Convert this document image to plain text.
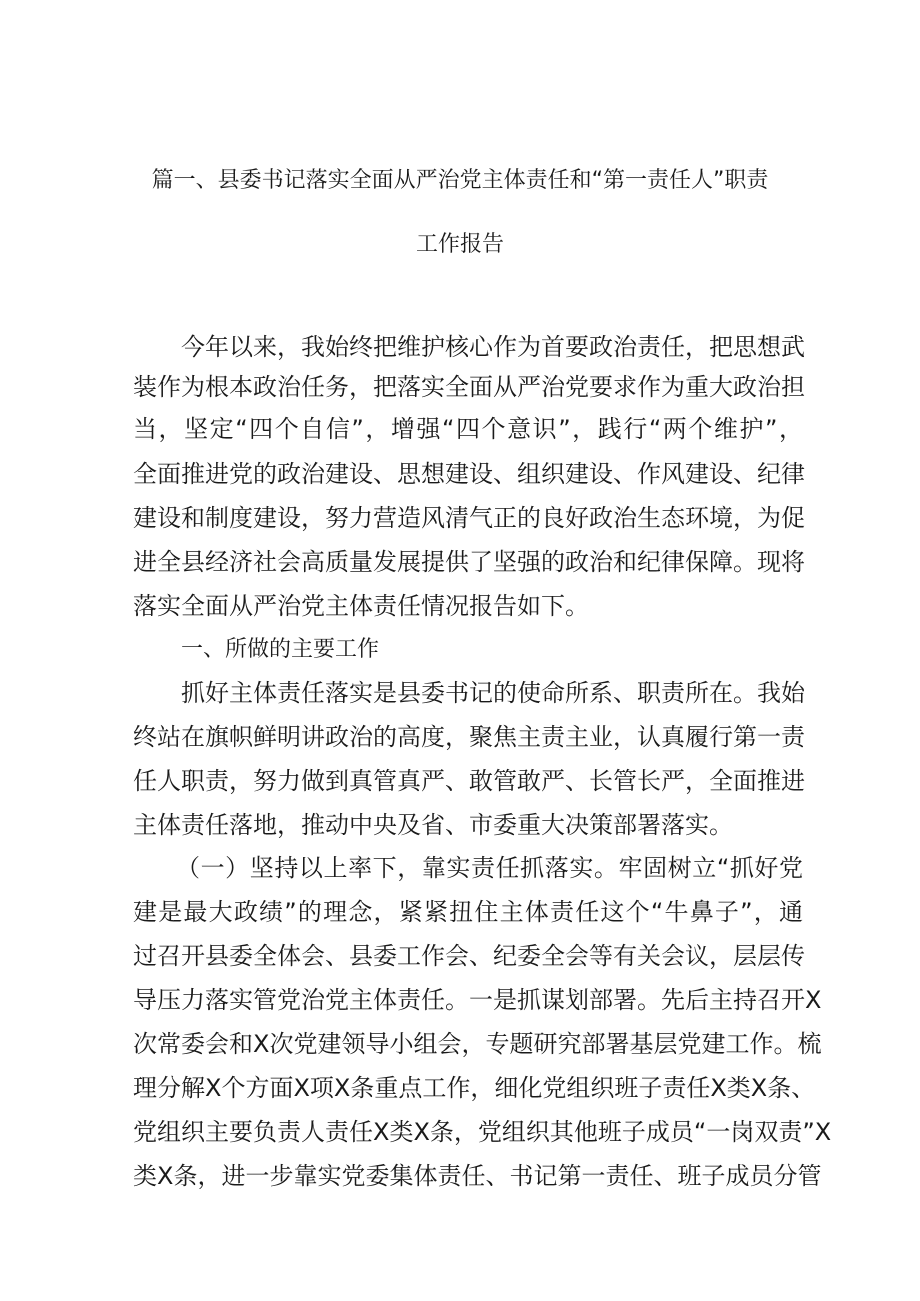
篇一、县委书记落实全面从严治党主体责任和“第一责任人”职责
工作报告
今年以来，我始终把维护核心作为首要政治责任，把思想武
装作为根本政治任务，把落实全面从严治党要求作为重大政治担
当，坚定“四个自信”，增强“四个意识”，践行“两个维护”，
全面推进党的政治建设、思想建设、组织建设、作风建设、纪律
建设和制度建设，努力营造风清气正的良好政治生态环境，为促
进全县经济社会高质量发展提供了坚强的政治和纪律保障。现将
落实全面从严治党主体责任情况报告如下。
一、所做的主要工作
抓好主体责任落实是县委书记的使命所系、职责所在。我始
终站在旗帜鲜明讲政治的高度，聚焦主责主业，认真履行第一责
任人职责，努力做到真管真严、敢管敢严、长管长严，全面推进
主体责任落地，推动中央及省、市委重大决策部署落实。
（一）坚持以上率下，靠实责任抓落实。牢固树立“抓好党
建是最大政绩”的理念，紧紧扭住主体责任这个“牛鼻子”，通
过召开县委全体会、县委工作会、纪委全会等有关会议，层层传
导压力落实管党治党主体责任。一是抓谋划部署。先后主持召开X
次常委会和X次党建领导小组会，专题研究部署基层党建工作。梳
理分解X个方面X项X条重点工作，细化党组织班子责任X类X条、
党组织主要负责人责任X类X条，党组织其他班子成员“一岗双责”X
类X条，进一步靠实党委集体责任、书记第一责任、班子成员分管
